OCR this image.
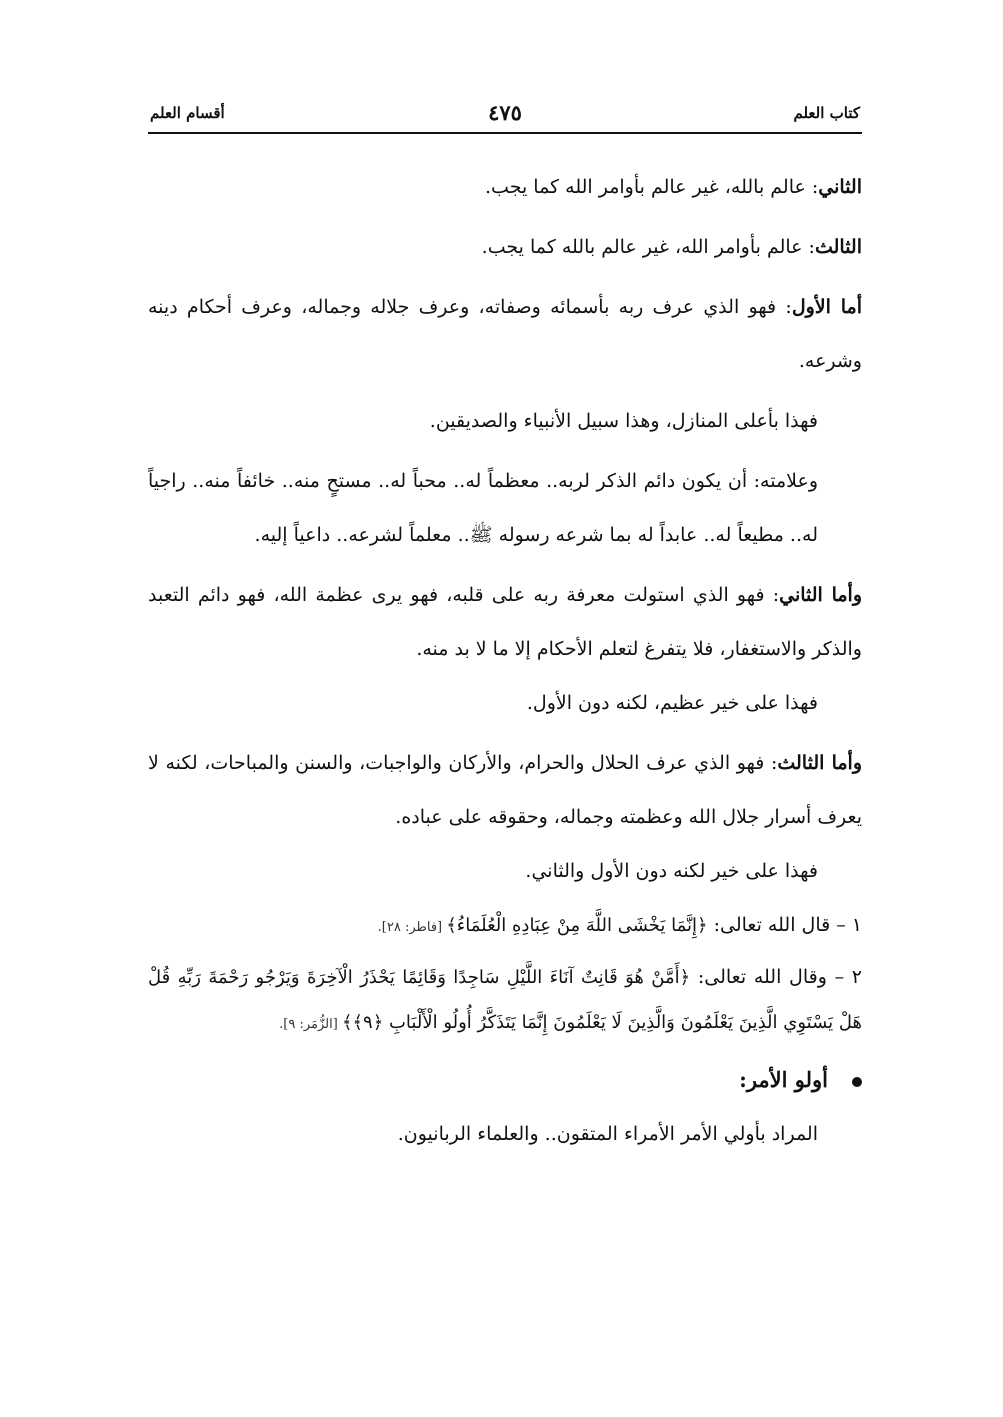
كتاب العلم
٤٧٥
أقسام العلم

الثاني: عالم بالله، غير عالم بأوامر الله كما يجب.

الثالث: عالم بأوامر الله، غير عالم بالله كما يجب.

أما الأول: فهو الذي عرف ربه بأسمائه وصفاته، وعرف جلاله وجماله، وعرف أحكام دينه وشرعه.

فهذا بأعلى المنازل، وهذا سبيل الأنبياء والصديقين.

وعلامته: أن يكون دائم الذكر لربه.. معظماً له.. محباً له.. مستحٍ منه.. خائفاً منه.. راجياً له.. مطيعاً له.. عابداً له بما شرعه رسوله ﷺ.. معلماً لشرعه.. داعياً إليه.

وأما الثاني: فهو الذي استولت معرفة ربه على قلبه، فهو يرى عظمة الله، فهو دائم التعبد والذكر والاستغفار، فلا يتفرغ لتعلم الأحكام إلا ما لا بد منه.

فهذا على خير عظيم، لكنه دون الأول.

وأما الثالث: فهو الذي عرف الحلال والحرام، والأركان والواجبات، والسنن والمباحات، لكنه لا يعرف أسرار جلال الله وعظمته وجماله، وحقوقه على عباده.

فهذا على خير لكنه دون الأول والثاني.

١ – قال الله تعالى: ﴿إِنَّمَا يَخْشَى اللَّهَ مِنْ عِبَادِهِ الْعُلَمَاءُ﴾ [فاطر: ٢٨].

٢ – وقال الله تعالى: ﴿أَمَّنْ هُوَ قَانِتٌ آنَاءَ اللَّيْلِ سَاجِدًا وَقَائِمًا يَحْذَرُ الْآخِرَةَ وَيَرْجُو رَحْمَةَ رَبِّهِ قُلْ هَلْ يَسْتَوِي الَّذِينَ يَعْلَمُونَ وَالَّذِينَ لَا يَعْلَمُونَ إِنَّمَا يَتَذَكَّرُ أُولُو الْأَلْبَابِ ﴿٩﴾﴾ [الزُّمَر: ٩].

أولو الأمر:

المراد بأولي الأمر الأمراء المتقون.. والعلماء الربانيون.
